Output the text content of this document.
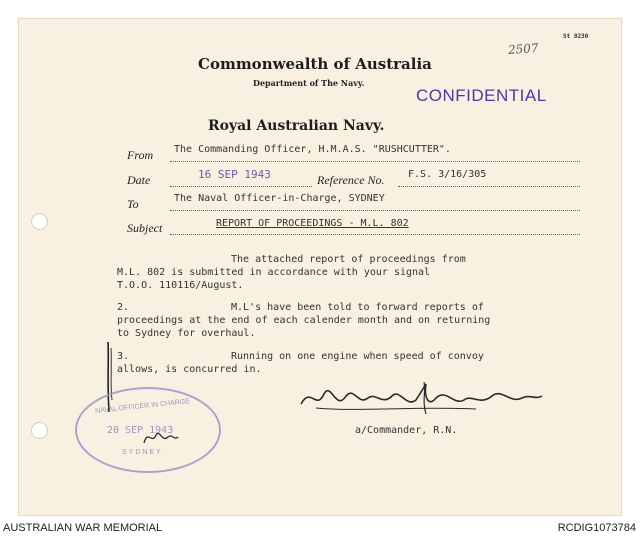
St 8230
2507
Commonwealth of Australia
Department of The Navy.
CONFIDENTIAL
Royal Australian Navy.
From The Commanding Officer, H.M.A.S. "RUSHCUTTER".
Date	16 SEP 1943	Reference No. F.S. 3/16/305
To	The Naval Officer-in-Charge, SYDNEY
Subject	REPORT OF PROCEEDINGS - M.L. 802
The attached report of proceedings from
M.L. 802 is submitted in accordance with your signal
T.O.O. 110116/August.
2.	M.L's have been told to forward reports of
proceedings at the end of each calender month and on returning
to Sydney for overhaul.
3.	Running on one engine when speed of convoy
allows, is concurred in.
a/Commander, R.N.
NAVAL OFFICER IN CHARGE
20 SEP 1943
SYDNEY
AUSTRALIAN WAR MEMORIAL	RCDIG1073784
